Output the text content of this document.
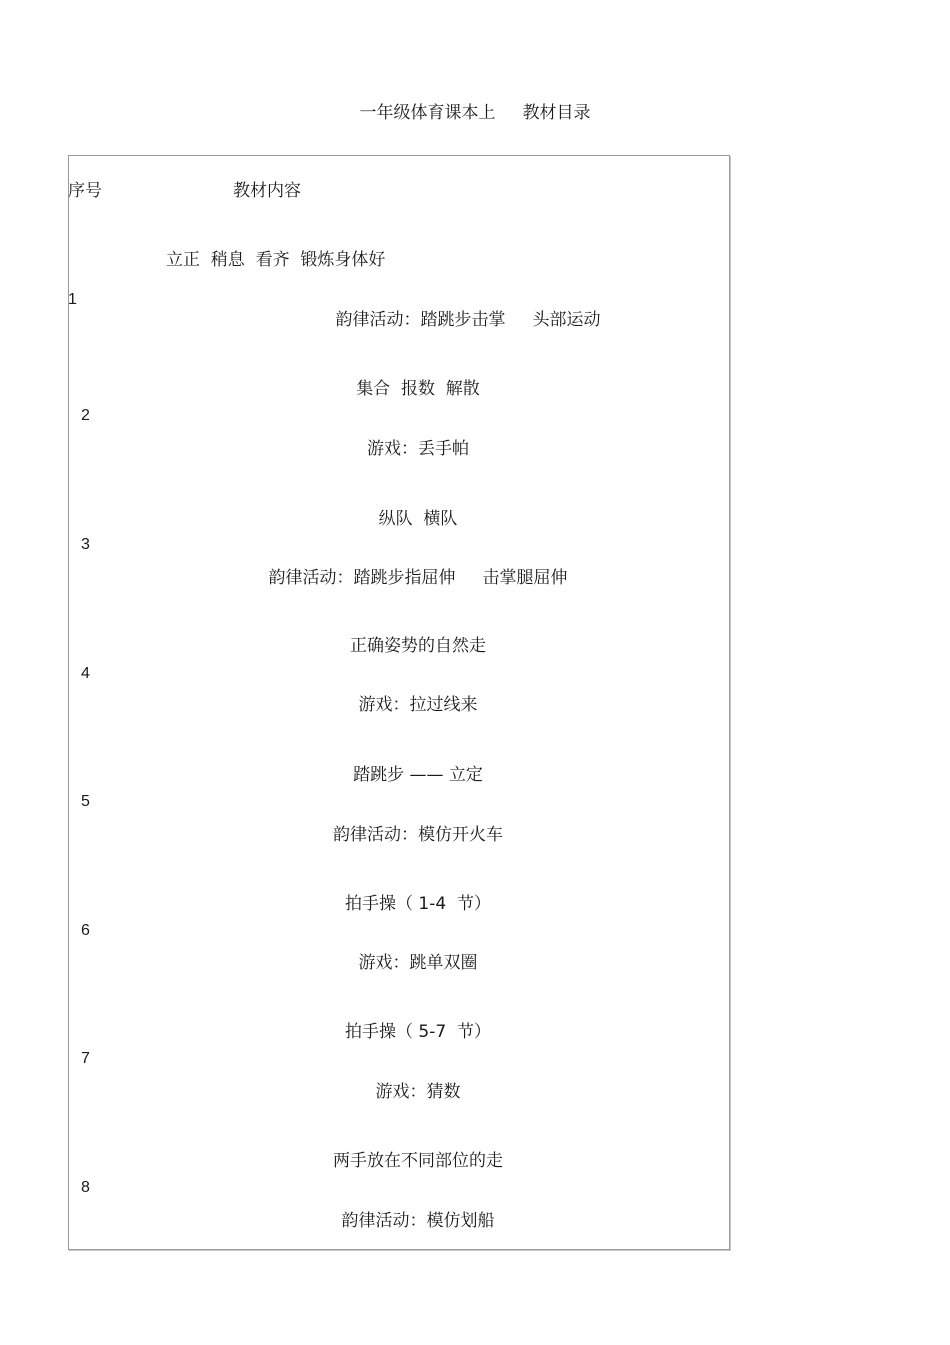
一年级体育课本上     教材目录
序号	教材内容
立正  稍息  看齐  锻炼身体好
1
韵律活动：踏跳步击掌     头部运动
集合  报数  解散
2
游戏：丢手帕
纵队  横队
3
韵律活动：踏跳步指屈伸     击掌腿屈伸
正确姿势的自然走
4
游戏：拉过线来
踏跳步 —— 立定
5
韵律活动：模仿开火车
拍手操（ 1-4  节）
6
游戏：跳单双圈
拍手操（ 5-7  节）
7
游戏：猜数
两手放在不同部位的走
8
韵律活动：模仿划船
